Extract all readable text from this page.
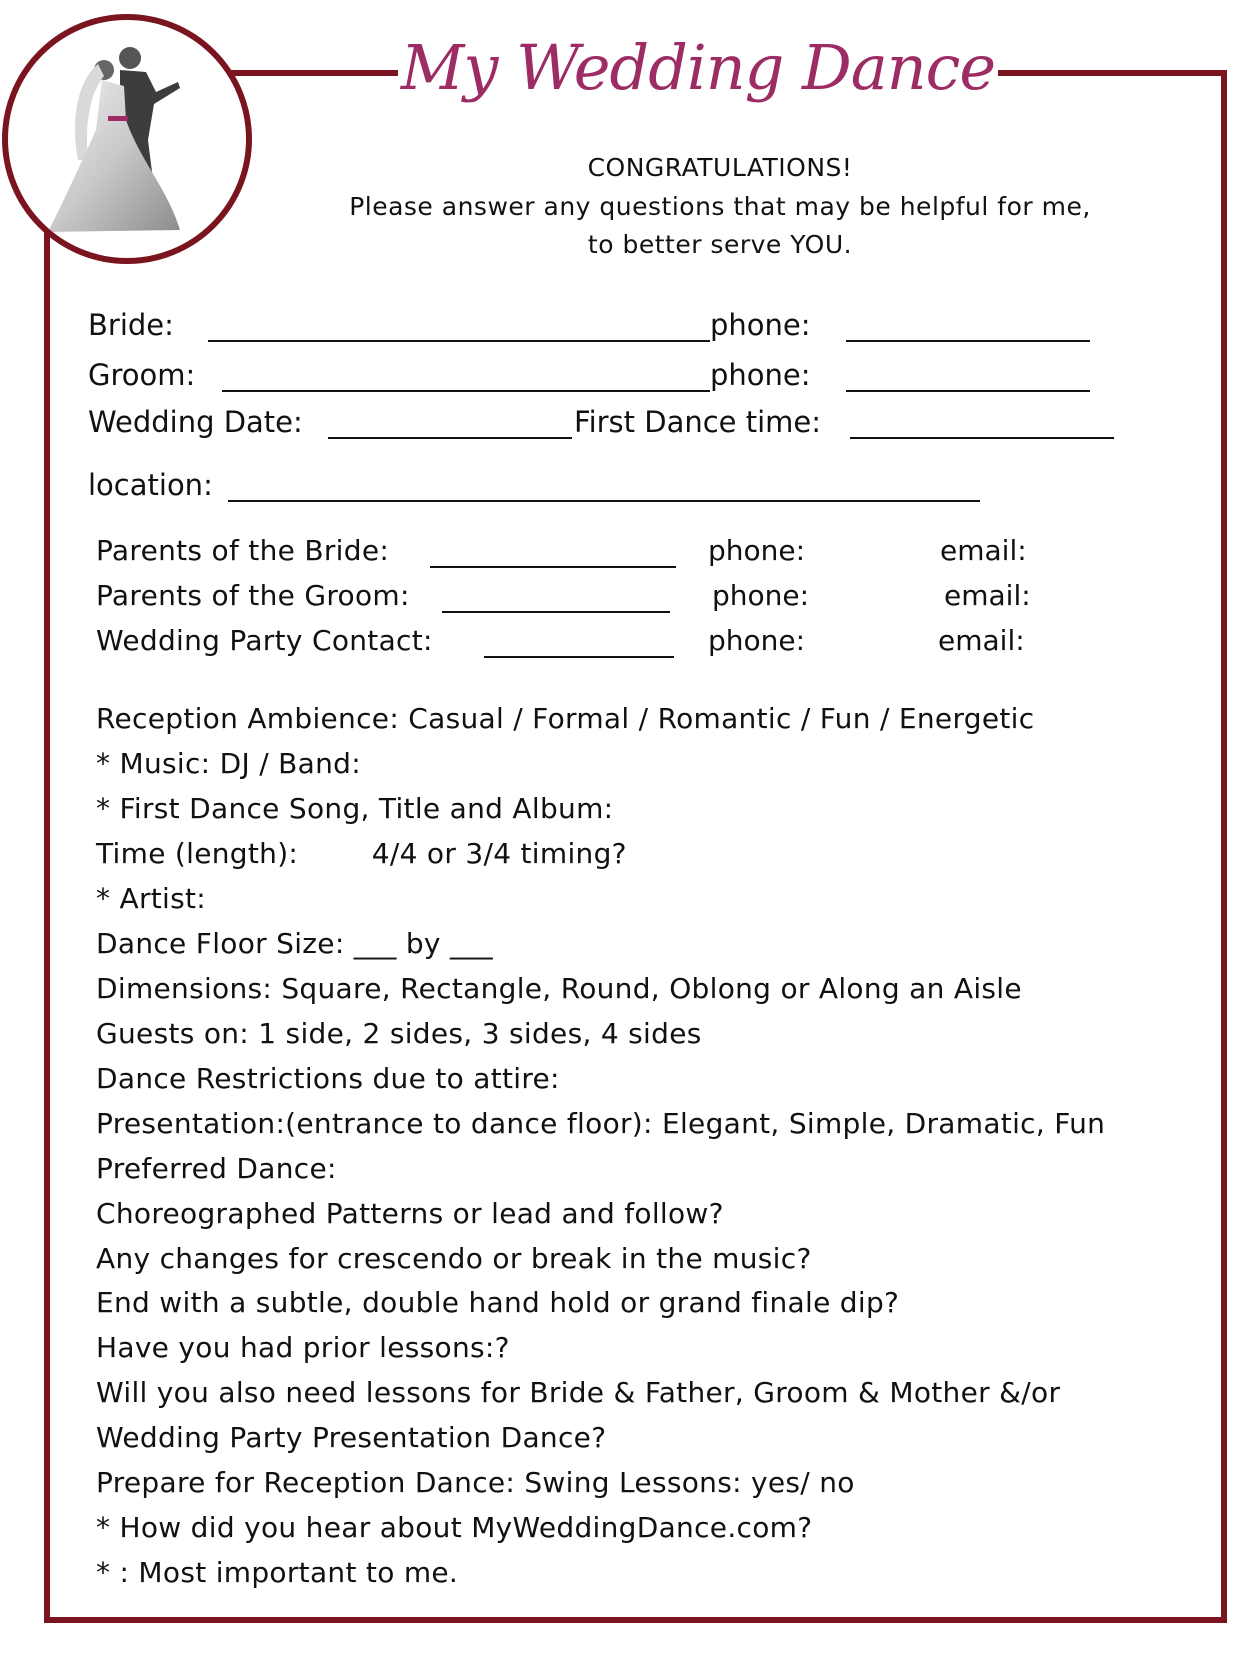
My Wedding Dance
CONGRATULATIONS!
Please answer any questions that may be helpful for me,
to better serve YOU.
Bride:	phone:
Groom:	phone:
Wedding Date:	First Dance time:
location:
Parents of the Bride:	phone:	email:
Parents of the Groom:	phone:	email:
Wedding Party Contact:	phone:	email:
Reception Ambience: Casual / Formal / Romantic / Fun / Energetic
* Music: DJ / Band:
* First Dance Song, Title and Album:
Time (length):        4/4 or 3/4 timing?
* Artist:
Dance Floor Size: ___ by ___
Dimensions: Square, Rectangle, Round, Oblong or Along an Aisle
Guests on: 1 side, 2 sides, 3 sides, 4 sides
Dance Restrictions due to attire:
Presentation:(entrance to dance floor): Elegant, Simple, Dramatic, Fun
Preferred Dance:
Choreographed Patterns or lead and follow?
Any changes for crescendo or break in the music?
End with a subtle, double hand hold or grand finale dip?
Have you had prior lessons:?
Will you also need lessons for Bride & Father, Groom & Mother &/or
Wedding Party Presentation Dance?
Prepare for Reception Dance: Swing Lessons: yes/ no
* How did you hear about MyWeddingDance.com?
* : Most important to me.
